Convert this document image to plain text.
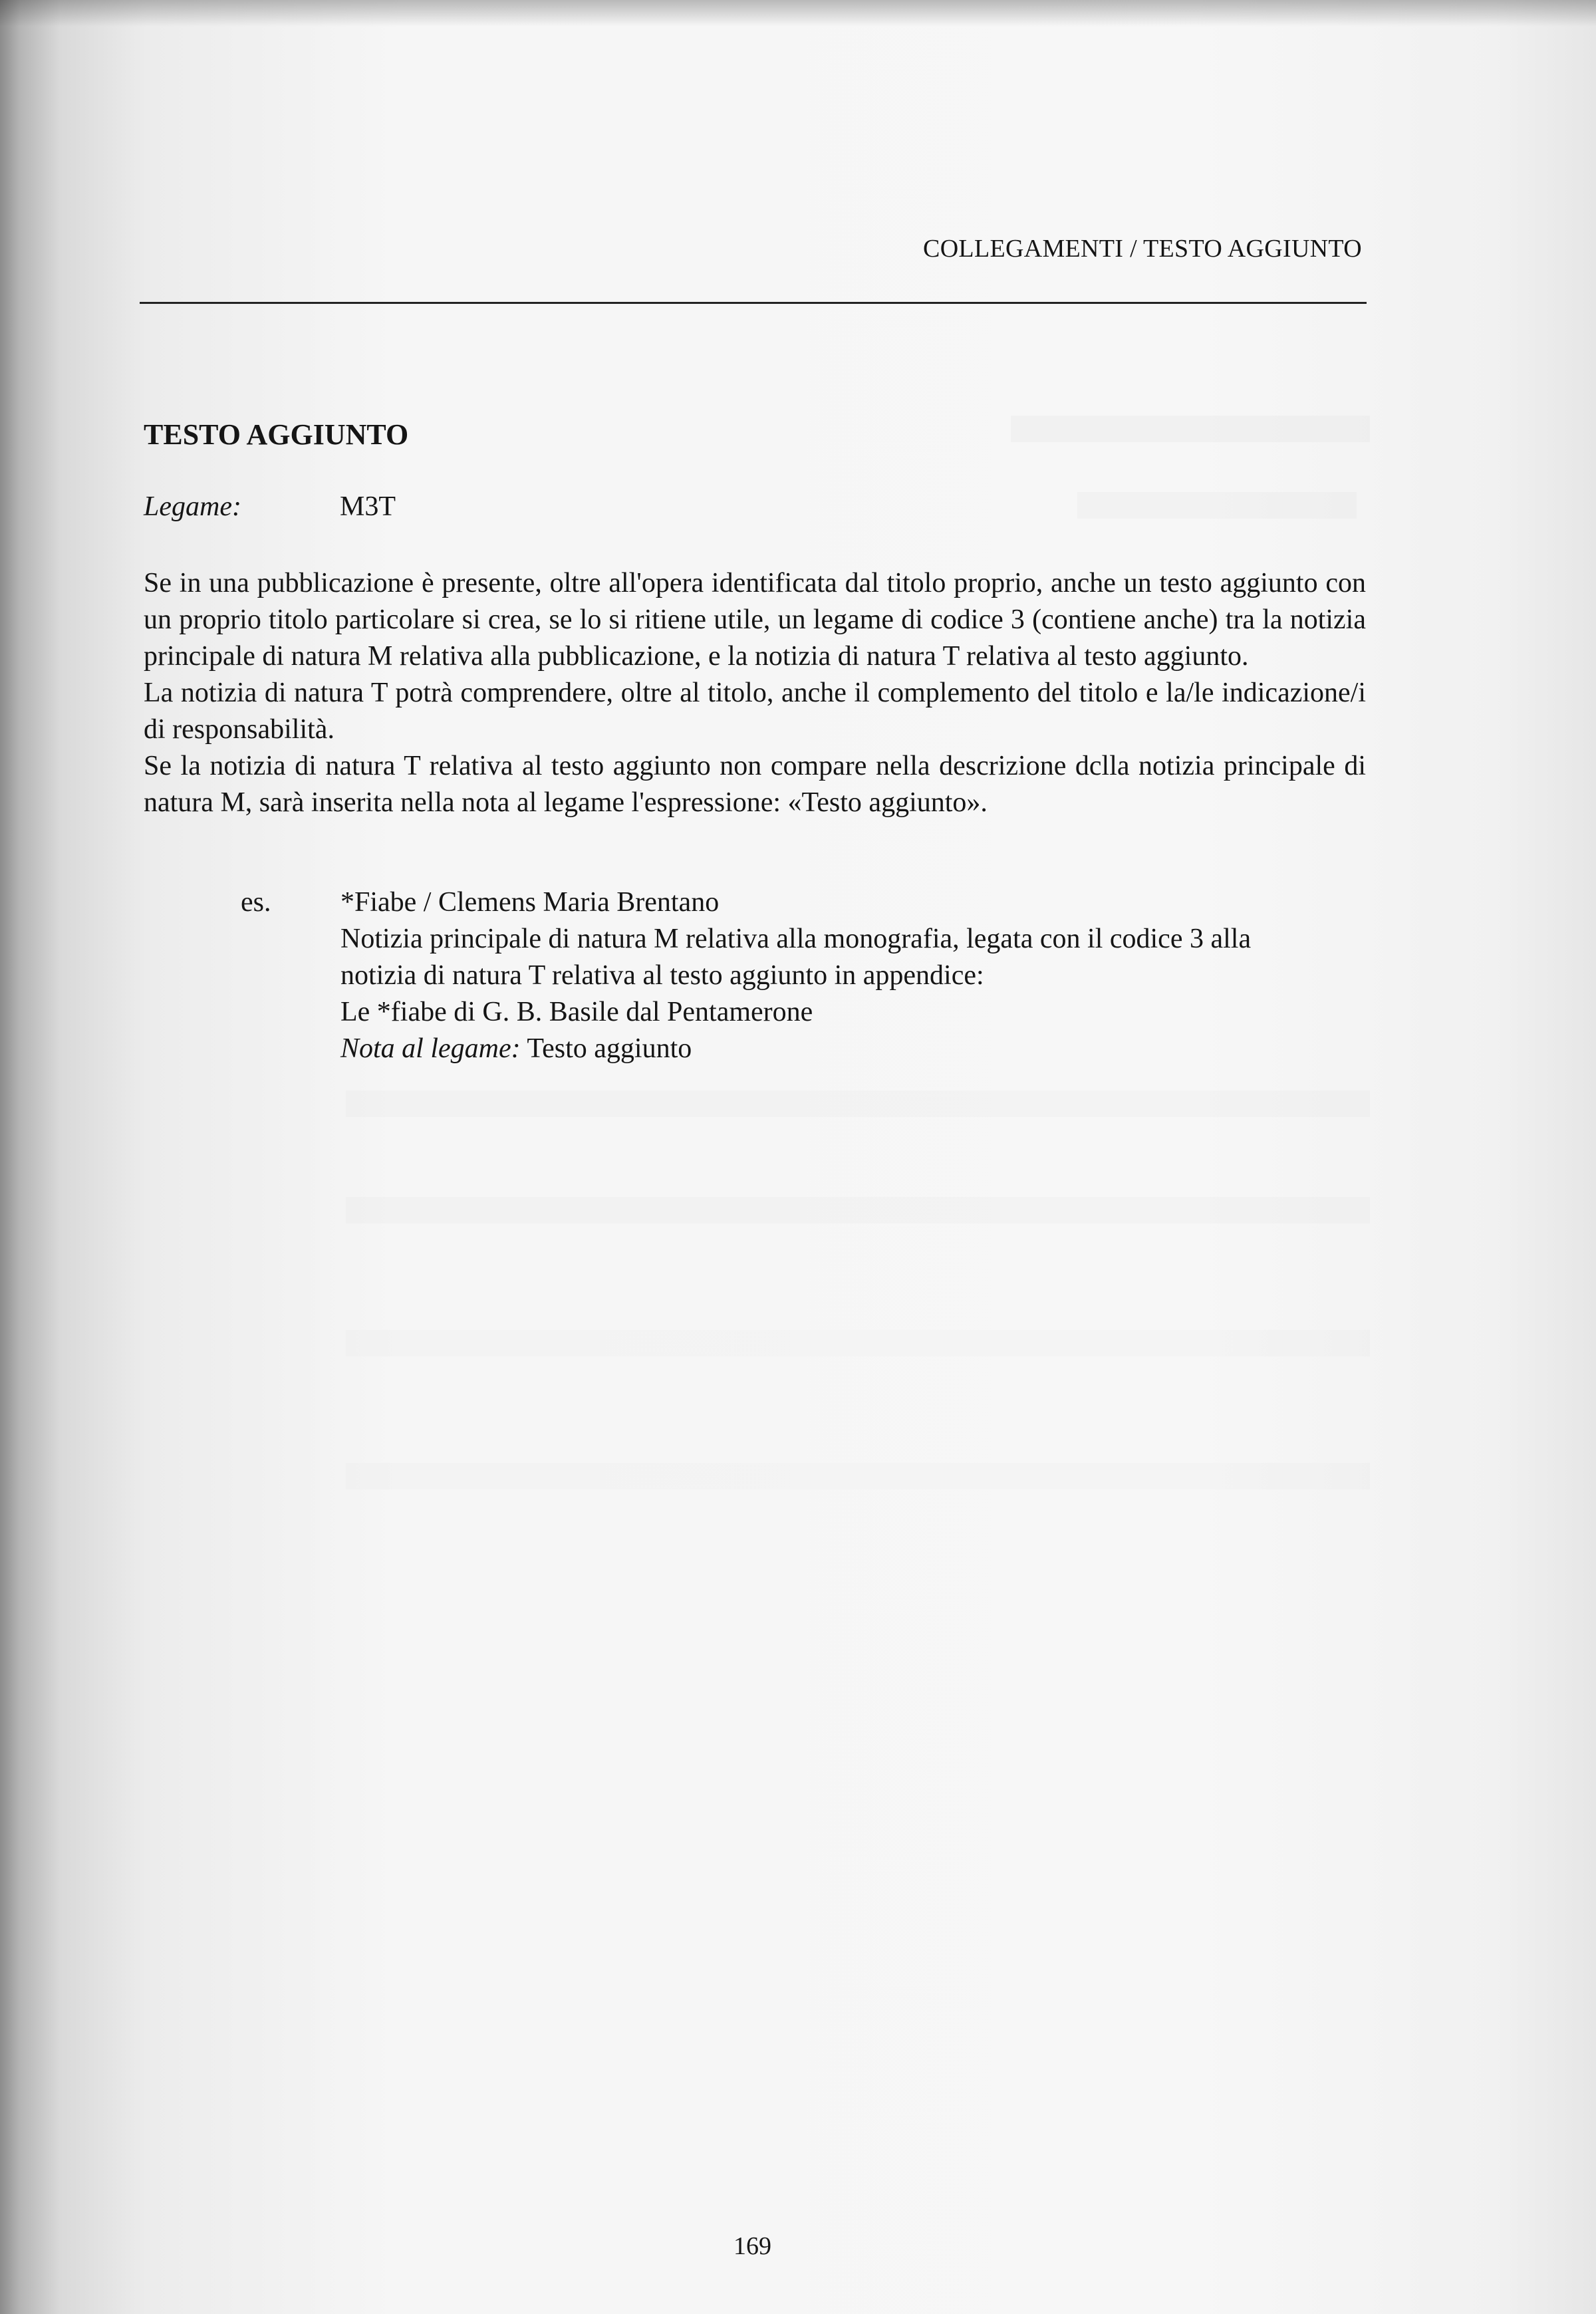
COLLEGAMENTI / TESTO AGGIUNTO
TESTO AGGIUNTO
Legame:	M3T

Se in una pubblicazione è presente, oltre all'opera identificata dal titolo proprio, anche un testo aggiunto con un proprio titolo particolare si crea, se lo si ritiene utile, un legame di codice 3 (contiene anche) tra la notizia principale di natura M relativa alla pubblicazione, e la notizia di natura T relativa al testo aggiunto.

La notizia di natura T potrà comprendere, oltre al titolo, anche il complemento del titolo e la/le indicazione/i di responsabilità.

Se la notizia di natura T relativa al testo aggiunto non compare nella descrizione dclla notizia principale di natura M, sarà inserita nella nota al legame l'espressione: «Testo aggiunto».

es. *Fiabe / Clemens Maria Brentano
Notizia principale di natura M relativa alla monografia, legata con il codice 3 alla
notizia di natura T relativa al testo aggiunto in appendice:
Le *fiabe di G. B. Basile dal Pentamerone
Nota al legame: Testo aggiunto
169
